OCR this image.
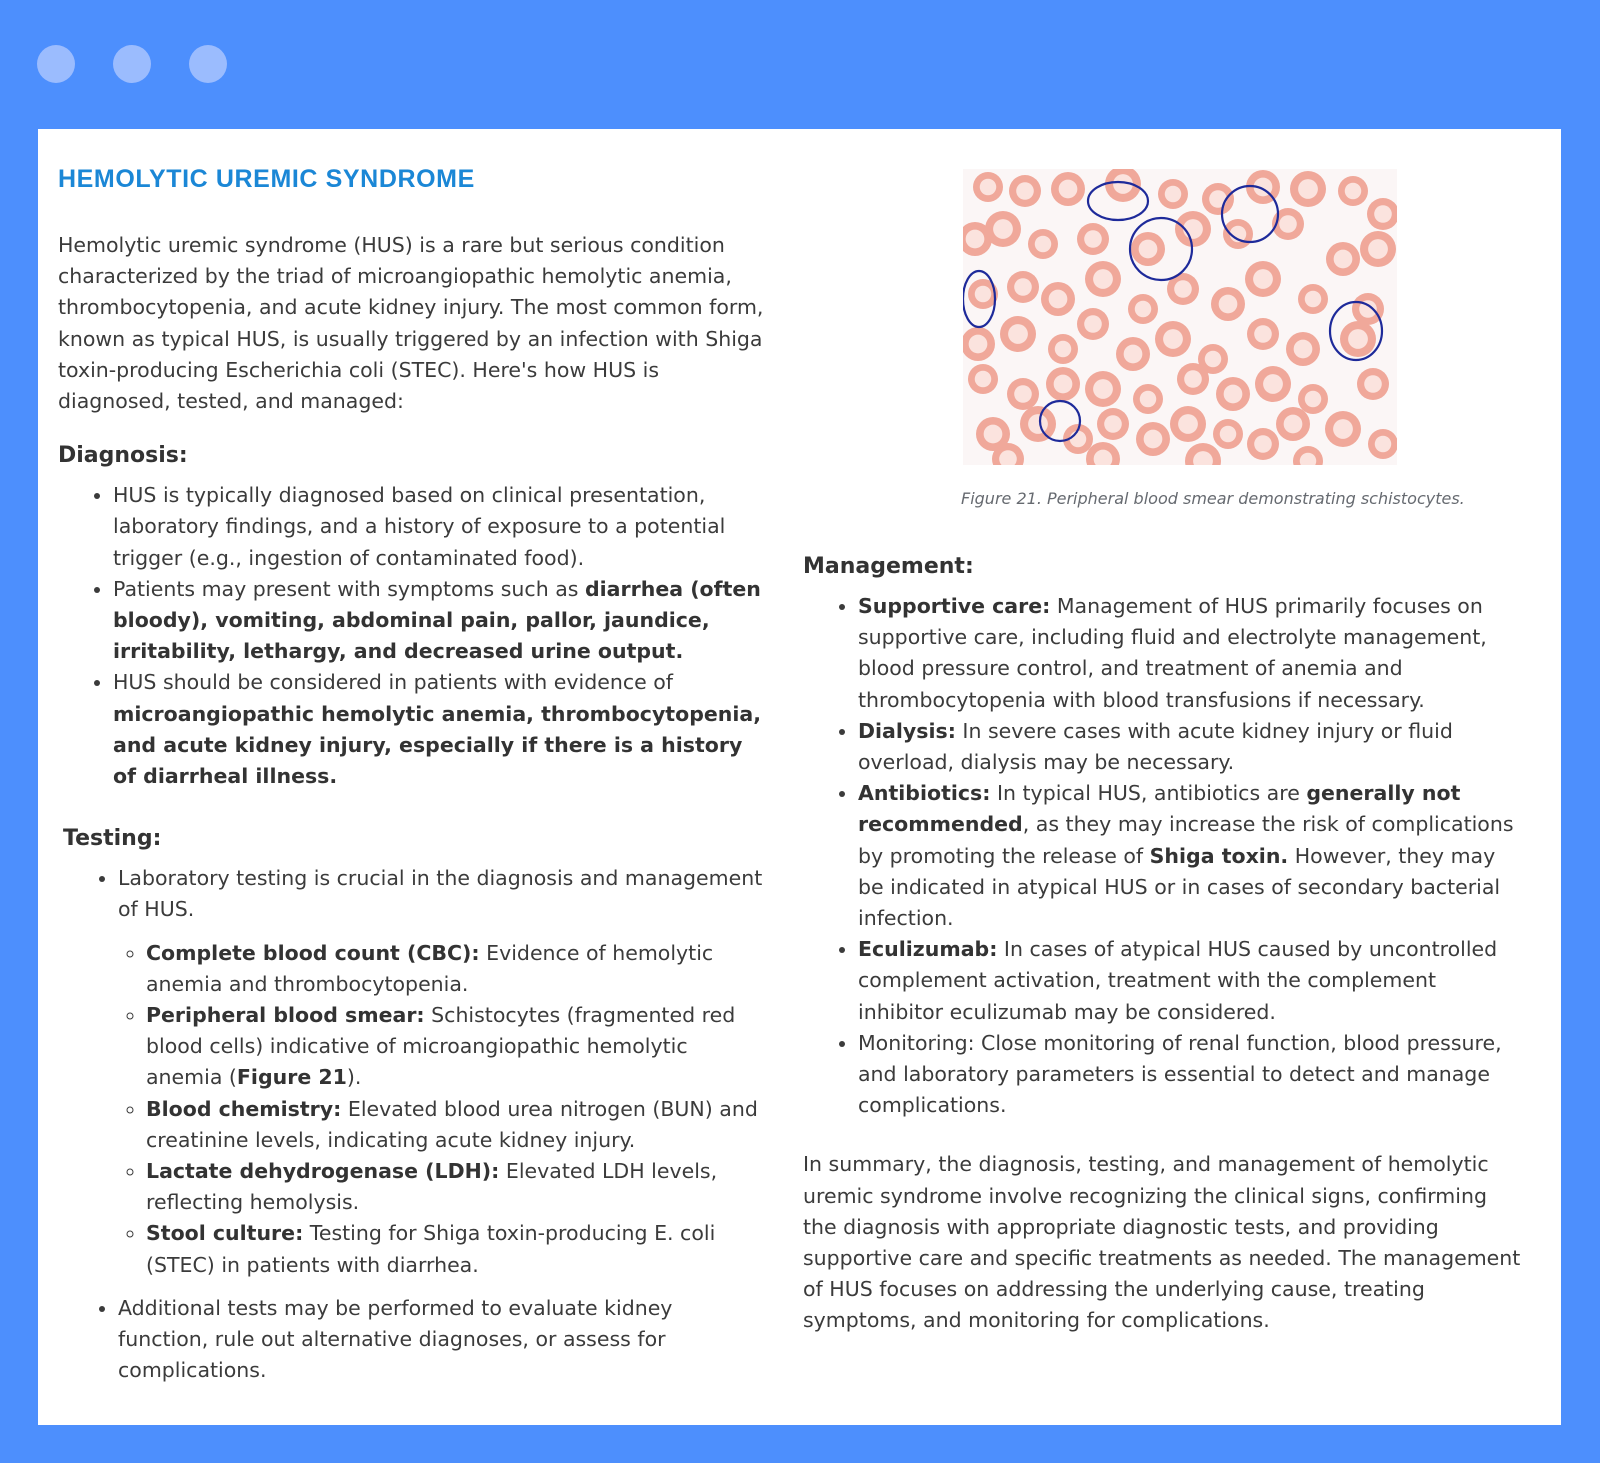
HEMOLYTIC UREMIC SYNDROME

Hemolytic uremic syndrome (HUS) is a rare but serious condition characterized by the triad of microangiopathic hemolytic anemia, thrombocytopenia, and acute kidney injury. The most common form, known as typical HUS, is usually triggered by an infection with Shiga toxin-producing Escherichia coli (STEC). Here's how HUS is diagnosed, tested, and managed:

Diagnosis:
• HUS is typically diagnosed based on clinical presentation, laboratory findings, and a history of exposure to a potential trigger (e.g., ingestion of contaminated food).
• Patients may present with symptoms such as diarrhea (often bloody), vomiting, abdominal pain, pallor, jaundice, irritability, lethargy, and decreased urine output.
• HUS should be considered in patients with evidence of microangiopathic hemolytic anemia, thrombocytopenia, and acute kidney injury, especially if there is a history of diarrheal illness.
Testing:
• Laboratory testing is crucial in the diagnosis and management of HUS.
◦ Complete blood count (CBC): Evidence of hemolytic anemia and thrombocytopenia.
◦ Peripheral blood smear: Schistocytes (fragmented red blood cells) indicative of microangiopathic hemolytic anemia (Figure 21).
◦ Blood chemistry: Elevated blood urea nitrogen (BUN) and creatinine levels, indicating acute kidney injury.
◦ Lactate dehydrogenase (LDH): Elevated LDH levels, reflecting hemolysis.
◦ Stool culture: Testing for Shiga toxin-producing E. coli (STEC) in patients with diarrhea.
• Additional tests may be performed to evaluate kidney function, rule out alternative diagnoses, or assess for complications.
Figure 21. Peripheral blood smear demonstrating schistocytes.
Management:
• Supportive care: Management of HUS primarily focuses on supportive care, including fluid and electrolyte management, blood pressure control, and treatment of anemia and thrombocytopenia with blood transfusions if necessary.
• Dialysis: In severe cases with acute kidney injury or fluid overload, dialysis may be necessary.
• Antibiotics: In typical HUS, antibiotics are generally not recommended, as they may increase the risk of complications by promoting the release of Shiga toxin. However, they may be indicated in atypical HUS or in cases of secondary bacterial infection.
• Eculizumab: In cases of atypical HUS caused by uncontrolled complement activation, treatment with the complement inhibitor eculizumab may be considered.
• Monitoring: Close monitoring of renal function, blood pressure, and laboratory parameters is essential to detect and manage complications.

In summary, the diagnosis, testing, and management of hemolytic uremic syndrome involve recognizing the clinical signs, confirming the diagnosis with appropriate diagnostic tests, and providing supportive care and specific treatments as needed. The management of HUS focuses on addressing the underlying cause, treating symptoms, and monitoring for complications.
